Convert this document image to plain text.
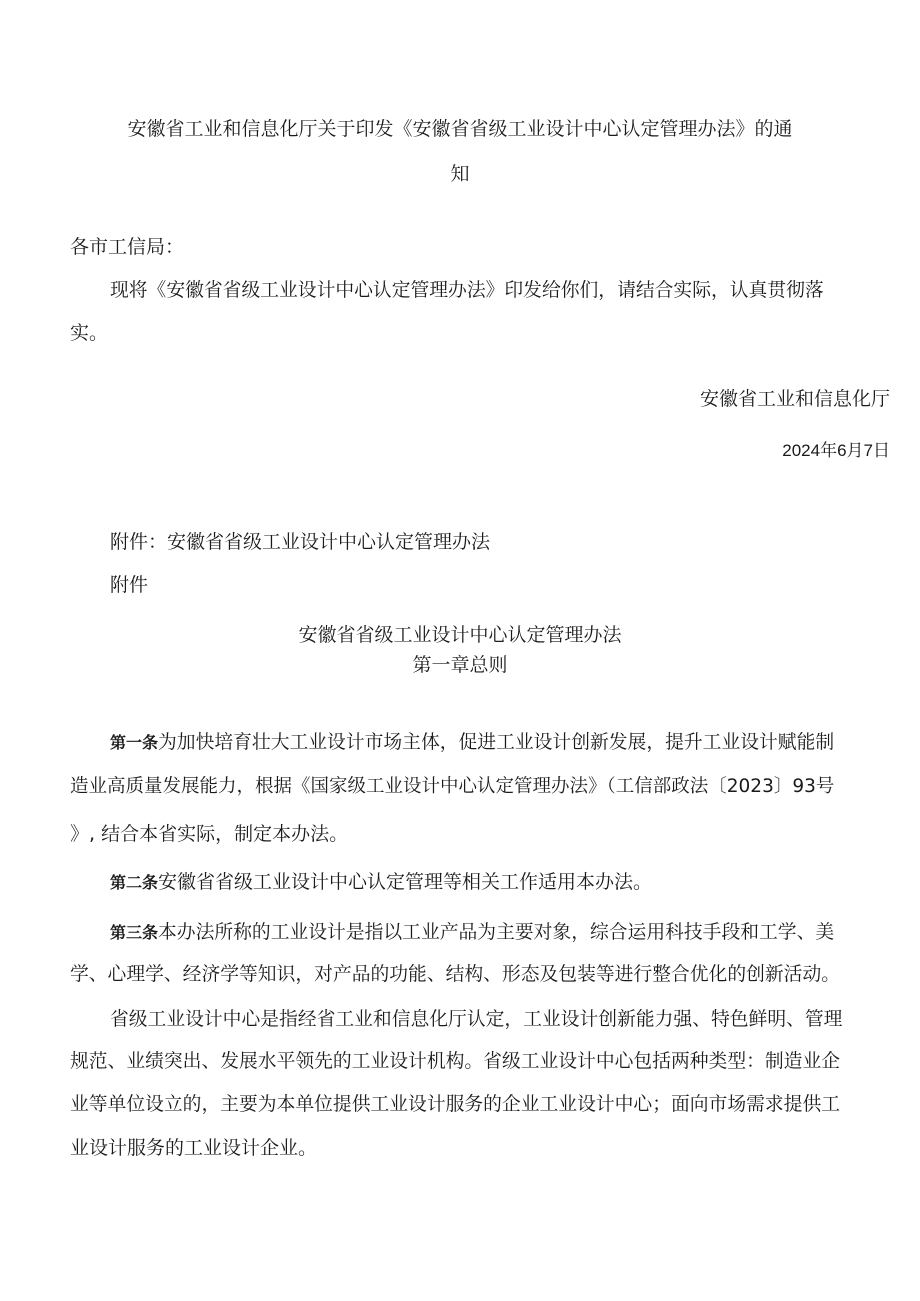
安徽省工业和信息化厅关于印发《安徽省省级工业设计中心认定管理办法》的通
知
各市工信局：
现将《安徽省省级工业设计中心认定管理办法》印发给你们，请结合实际，认真贯彻落
实。
安徽省工业和信息化厅
2024年6月7日
附件：安徽省省级工业设计中心认定管理办法
附件
安徽省省级工业设计中心认定管理办法
第一章总则
第一条为加快培育壮大工业设计市场主体，促进工业设计创新发展，提升工业设计赋能制
造业高质量发展能力，根据《国家级工业设计中心认定管理办法》（工信部政法〔2023〕93号
》, 结合本省实际，制定本办法。
第二条安徽省省级工业设计中心认定管理等相关工作适用本办法。
第三条本办法所称的工业设计是指以工业产品为主要对象，综合运用科技手段和工学、美
学、心理学、经济学等知识，对产品的功能、结构、形态及包装等进行整合优化的创新活动。
省级工业设计中心是指经省工业和信息化厅认定，工业设计创新能力强、特色鲜明、管理
规范、业绩突出、发展水平领先的工业设计机构。省级工业设计中心包括两种类型：制造业企
业等单位设立的，主要为本单位提供工业设计服务的企业工业设计中心；面向市场需求提供工
业设计服务的工业设计企业。
